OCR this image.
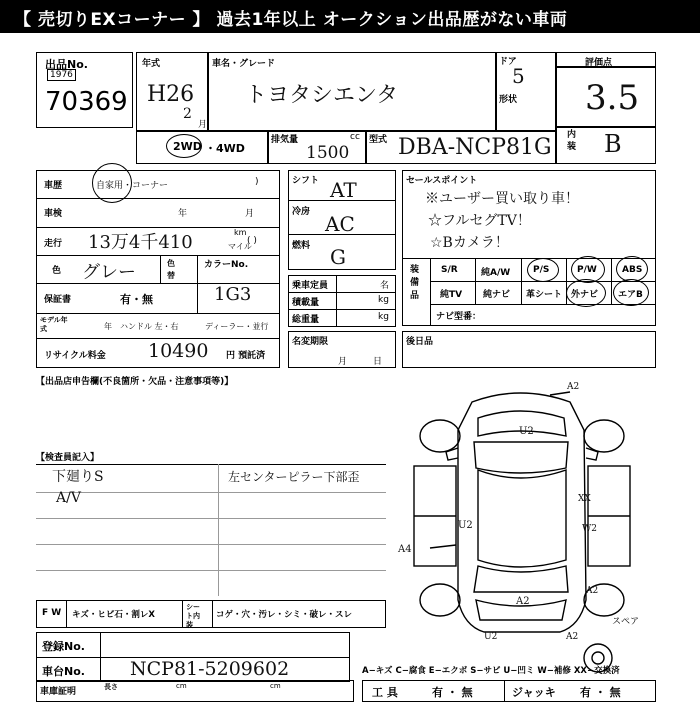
【 売切りEXコーナー 】 過去1年以上 オークション出品歴がない車両
出品No.
1976
70369
年式
H26
2
月
車名・グレード
トヨタシエンタ
ドア
5
形状
評価点
3.5
内装 B
2WD ・4WD
排気量	cc
1500
型式 DBA-NCP81G
車歴	自家用・コーナー	)
車検	年	月
走行 13万4千410	km
マイル
( )
色 グレー	色替
カラーNo.
1G3
保証書	有・無
モデル年式	年 ハンドル 左・右	ディーラー・並行
リサイクル料金 10490 円 預託済
シフト AT
冷房 AC
燃料 G
乗車定員	名
積載量	kg
総重量	kg
名変期限
月日
セールスポイント
※ユーザー買い取り車！
☆フルセグTV！
☆Bカメラ！
装備品
S/R	純A/W	P/S	P/W	ABS
純TV 純ナビ 革シート 外ナビ エアB
ナビ型番：
後日品
【出品店申告欄(不良箇所・欠品・注意事項等)】
【検査員記入】
下廻りS
A/V
左センターピラー下部歪
A2
U2
U2
XX
W2
A4
A2
A2
U2	A2
スペア
F W キズ・ヒビ石・割レX
シート内装
コゲ・穴・汚レ・シミ・破レ・スレ
登録No.
車台No. NCP81-5209602	A−キズ C−腐食 E−エクボ S−サビ U−凹ミ W−補修 XX−交換済
車庫証明	長さ	cm	cm	工 具	有 ・ 無	ジャッキ 有 ・ 無
